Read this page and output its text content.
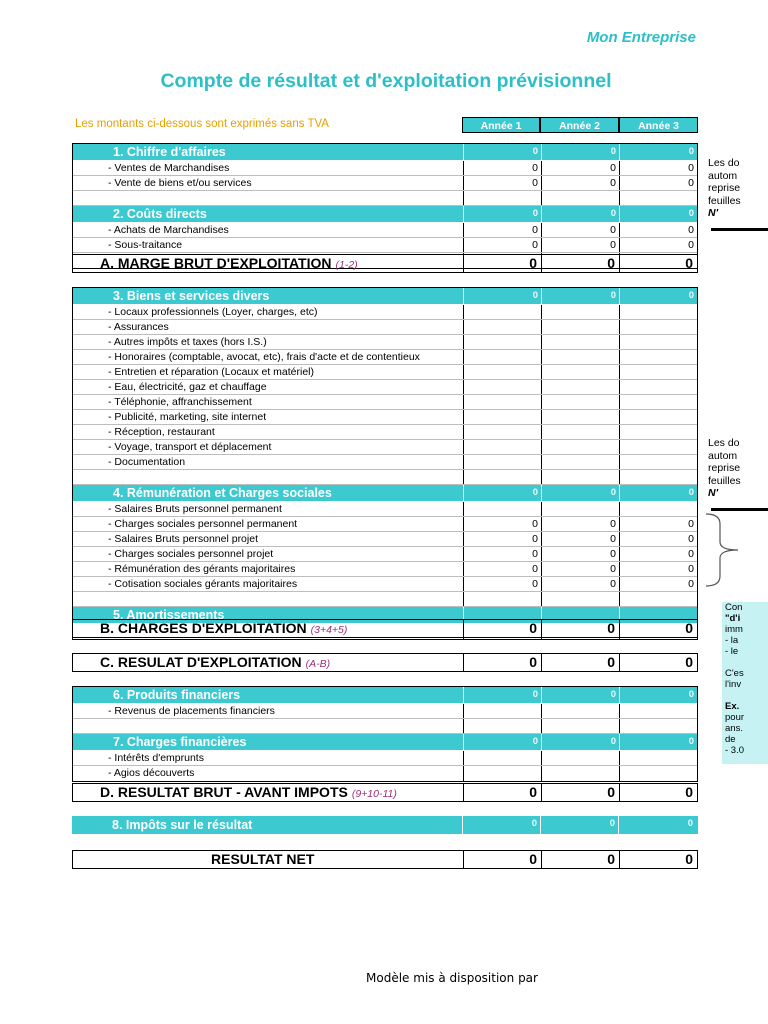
Mon Entreprise
Compte de résultat et d'exploitation prévisionnel
Les montants ci-dessous sont exprimés sans TVA	Année 1	Année 2	Année 3
1. Chiffre d'affaires	0	0	0
- Ventes de Marchandises	0	0	0
- Vente de biens et/ou services	0	0	0
2. Coûts directs	0	0	0
- Achats de Marchandises	0	0	0
- Sous-traitance	0	0	0
A. MARGE BRUT D'EXPLOITATION (1-2)	0	0	0
3. Biens et services divers	0	0	0
- Locaux professionnels (Loyer, charges, etc)
- Assurances
- Autres impôts et taxes (hors I.S.)
- Honoraires (comptable, avocat, etc), frais d'acte et de contentieux
- Entretien et réparation (Locaux et matériel)
- Eau, électricité, gaz et chauffage
- Téléphonie, affranchissement
- Publicité, marketing, site internet
- Réception, restaurant
- Voyage, transport et déplacement
- Documentation
4. Rémunération et Charges sociales	0	0	0
- Salaires Bruts personnel permanent
- Charges sociales personnel permanent	0	0	0
- Salaires Bruts personnel projet	0	0	0
- Charges sociales personnel projet	0	0	0
- Rémunération des gérants majoritaires	0	0	0
- Cotisation sociales gérants majoritaires	0	0	0
5. Amortissements
B. CHARGES D'EXPLOITATION (3+4+5)	0	0	0
C. RESULAT D'EXPLOITATION (A-B)	0	0	0
6. Produits financiers	0	0	0
- Revenus de placements financiers
7. Charges financières	0	0	0
- Intérêts d'emprunts
- Agios découverts
D. RESULTAT BRUT - AVANT IMPOTS (9+10-11)	0	0	0
8. Impôts sur le résultat	0	0	0
RESULTAT NET	0	0	0
Modèle mis à disposition par
Les do
autom
reprise
feuilles
N'
Les do
autom
reprise
feuilles
N'
Con
"d'i
imm
- la
- le
C'es
l'inv
Ex.
pour
ans.
de
- 3.0
